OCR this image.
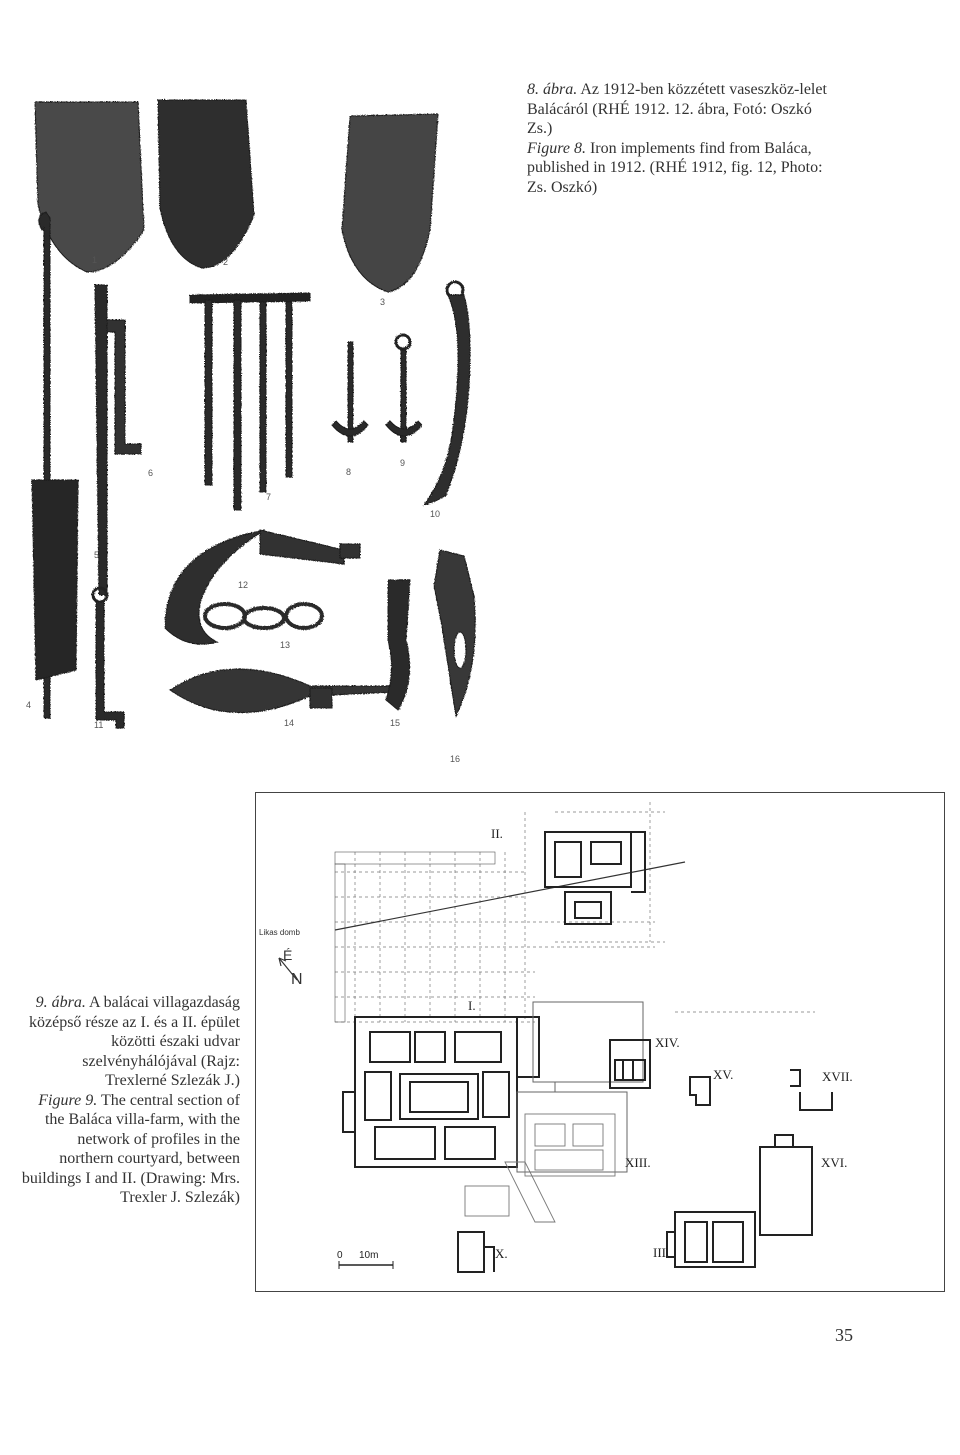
1	2
3
4
5
6
7
8
9
10
11
12
13
14	15
16

8. ábra. Az 1912-ben közzétett vaseszköz-lelet Balácáról (RHÉ 1912. 12. ábra, Fotó: Oszkó Zs.)

Figure 8. Iron implements find from Baláca, published in 1912. (RHÉ 1912, fig. 12, Photo: Zs. Oszkó)

É
N
Likas domb
II.
I.
XIV.
XV.	XVII.
XIII.	XVI.
III.
X.
0 10m

9. ábra. A balácai villagazdaság középső része az I. és a II. épület közötti északi udvar szelvényhálójával (Rajz: Trexlerné Szlezák J.)

Figure 9. The central section of the Baláca villa-farm, with the network of profiles in the northern courtyard, between buildings I and II. (Drawing: Mrs. Trexler J. Szlezák)

35
